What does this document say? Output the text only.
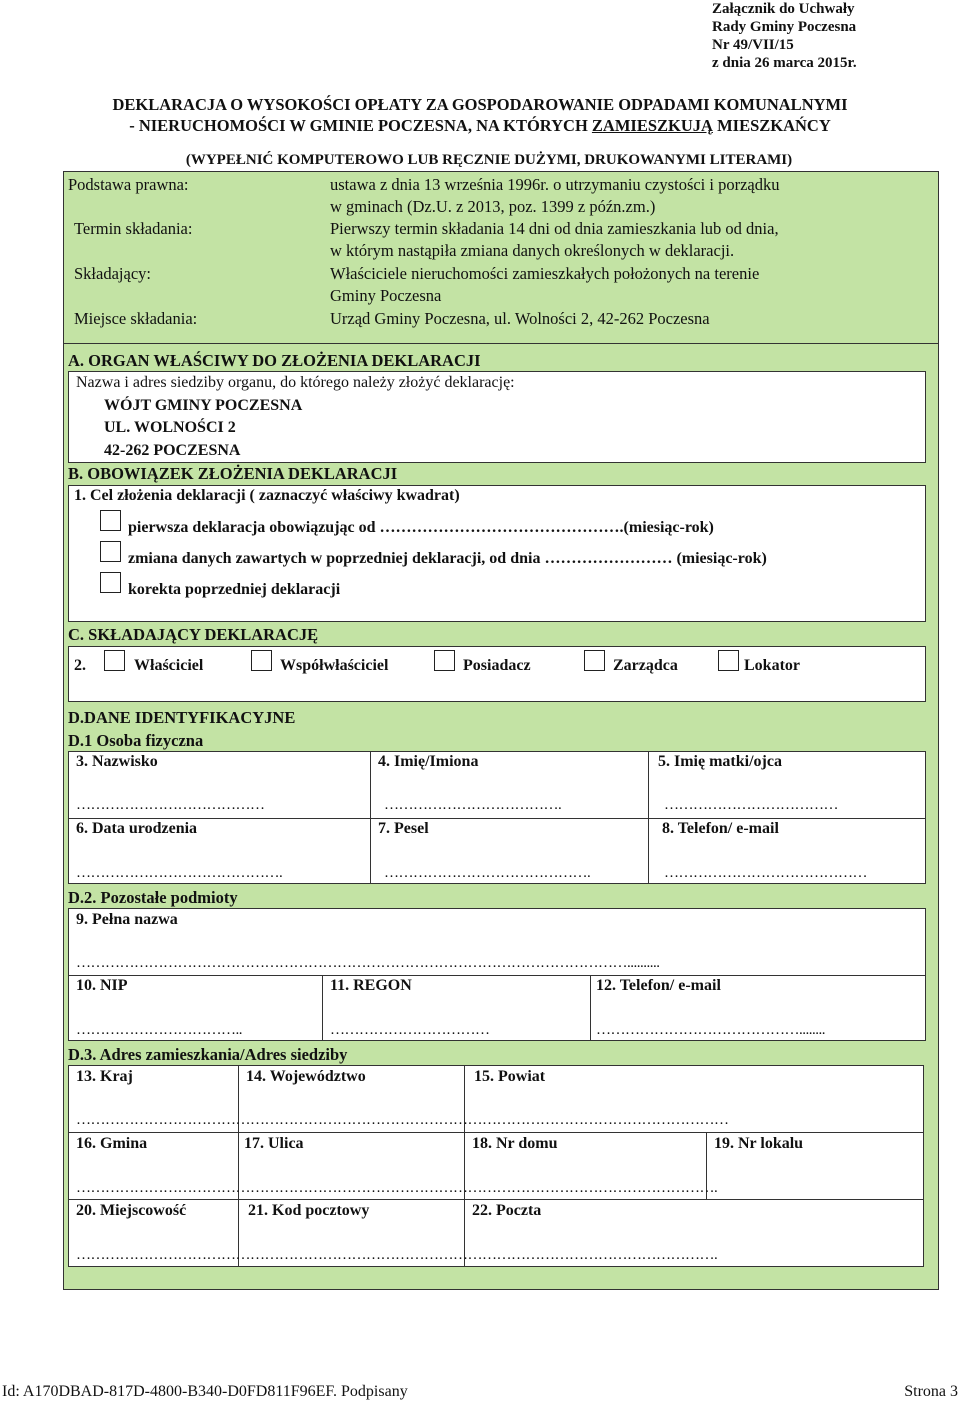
Załącznik do Uchwały
Rady Gminy Poczesna
Nr 49/VII/15
z dnia 26 marca 2015r.
DEKLARACJA O WYSOKOŚCI OPŁATY ZA GOSPODAROWANIE ODPADAMI KOMUNALNYMI
- NIERUCHOMOŚCI W GMINIE POCZESNA, NA KTÓRYCH ZAMIESZKUJĄ MIESZKAŃCY
(WYPEŁNIĆ KOMPUTEROWO LUB RĘCZNIE DUŻYMI, DRUKOWANYMI LITERAMI)
Podstawa prawna:	ustawa z dnia 13 września 1996r. o utrzymaniu czystości i porządku
w gminach (Dz.U. z 2013, poz. 1399 z późn.zm.)
Termin składania:	Pierwszy termin składania 14 dni od dnia zamieszkania lub od dnia,
w którym nastąpiła zmiana danych określonych w deklaracji.
Składający:	Właściciele nieruchomości zamieszkałych położonych na terenie
Gminy Poczesna
Miejsce składania:	Urząd Gminy Poczesna, ul. Wolności 2, 42-262 Poczesna
A. ORGAN WŁAŚCIWY DO ZŁOŻENIA DEKLARACJI
Nazwa i adres siedziby organu, do którego należy złożyć deklarację:
WÓJT GMINY POCZESNA
UL. WOLNOŚCI 2
42-262 POCZESNA
B. OBOWIĄZEK ZŁOŻENIA DEKLARACJI
1. Cel złożenia deklaracji ( zaznaczyć właściwy kwadrat)
pierwsza deklaracja obowiązując od ……………………………………….(miesiąc-rok)
zmiana danych zawartych w poprzedniej deklaracji, od dnia …………………… (miesiąc-rok)
korekta poprzedniej deklaracji
C. SKŁADAJĄCY DEKLARACJĘ
2.	Właściciel	Współwłaściciel	Posiadacz	Zarządca	Lokator
D.DANE IDENTYFIKACYJNE
D.1 Osoba fizyczna
3. Nazwisko	4. Imię/Imiona	5. Imię matki/ojca
…………………………………	……………………………….	………………………………
6. Data urodzenia	7. Pesel	8. Telefon/ e-mail
…………………………………….	…………………………………….	……………………………………
D.2. Pozostałe podmioty
9. Pełna nazwa
……………………………………………………………………………………………………..........
10. NIP	11. REGON	12. Telefon/ e-mail
……………………………..	……………………………	……………………………………........
D.3. Adres zamieszkania/Adres siedziby
13. Kraj	14. Województwo	15. Powiat
………………………………………………………………………………………………………………………
16. Gmina	17. Ulica	18. Nr domu	19. Nr lokalu
…………………………………………………………………………………………………………………….
20. Miejscowość	21. Kod pocztowy	22. Poczta
…………………………………………………………………………………………………………………….
Id: A170DBAD-817D-4800-B340-D0FD811F96EF. Podpisany	Strona 3
